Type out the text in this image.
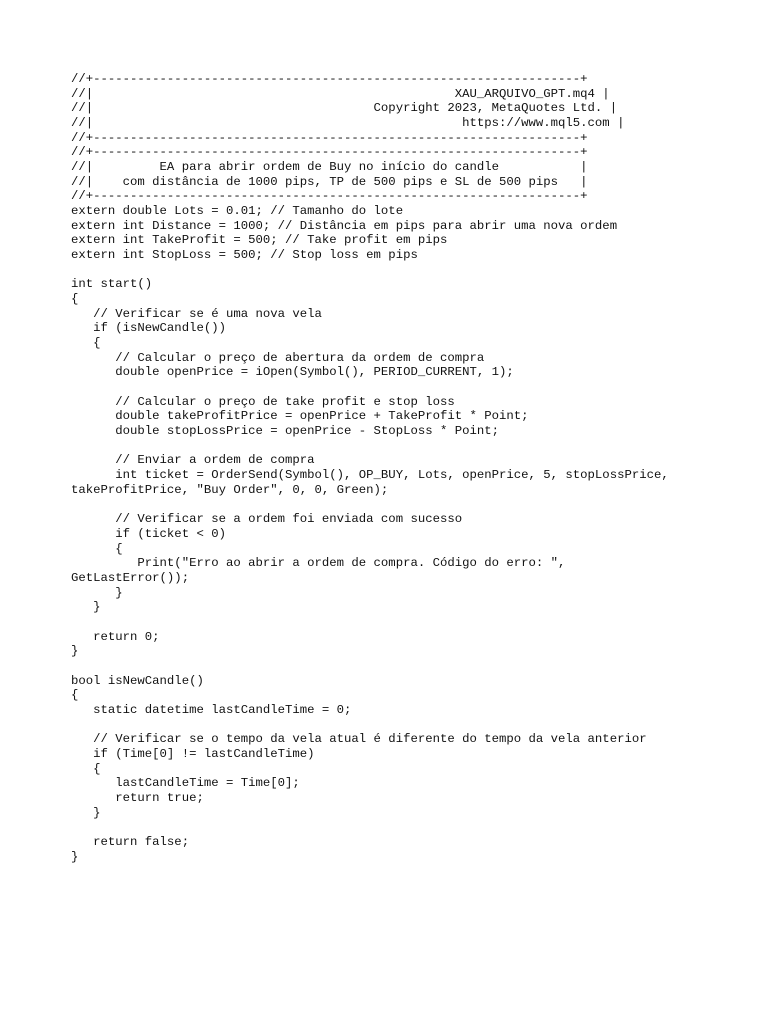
//+------------------------------------------------------------------+
//|                                                 XAU_ARQUIVO_GPT.mq4 |
//|                                      Copyright 2023, MetaQuotes Ltd. |
//|                                                  https://www.mql5.com |
//+------------------------------------------------------------------+
//+------------------------------------------------------------------+
//|         EA para abrir ordem de Buy no início do candle           |
//|    com distância de 1000 pips, TP de 500 pips e SL de 500 pips   |
//+------------------------------------------------------------------+
extern double Lots = 0.01; // Tamanho do lote
extern int Distance = 1000; // Distância em pips para abrir uma nova ordem
extern int TakeProfit = 500; // Take profit em pips
extern int StopLoss = 500; // Stop loss em pips
int start()
{
// Verificar se é uma nova vela
if (isNewCandle())
{
// Calcular o preço de abertura da ordem de compra
double openPrice = iOpen(Symbol(), PERIOD_CURRENT, 1);
// Calcular o preço de take profit e stop loss
double takeProfitPrice = openPrice + TakeProfit * Point;
double stopLossPrice = openPrice - StopLoss * Point;
// Enviar a ordem de compra
int ticket = OrderSend(Symbol(), OP_BUY, Lots, openPrice, 5, stopLossPrice,
takeProfitPrice, "Buy Order", 0, 0, Green);
// Verificar se a ordem foi enviada com sucesso
if (ticket < 0)
{
Print("Erro ao abrir a ordem de compra. Código do erro: ",
GetLastError());
}
}
return 0;
}
bool isNewCandle()
{
static datetime lastCandleTime = 0;
// Verificar se o tempo da vela atual é diferente do tempo da vela anterior
if (Time[0] != lastCandleTime)
{
lastCandleTime = Time[0];
return true;
}
return false;
}
